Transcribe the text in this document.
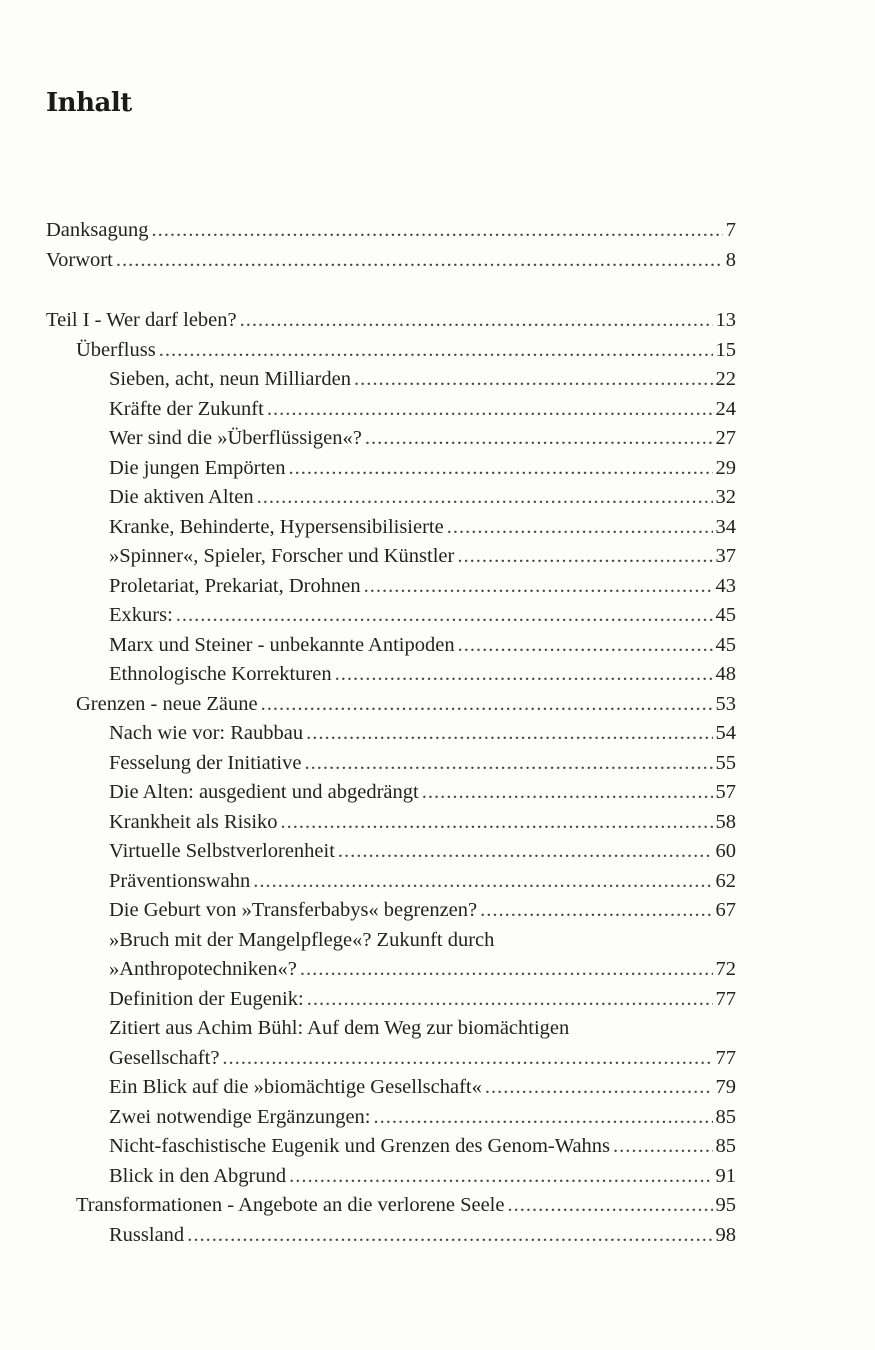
Inhalt
Danksagung .....	7
Vorwort .....	8
Teil I - Wer darf leben? .....	13
Überfluss .....	15
Sieben, acht, neun Milliarden .....	22
Kräfte der Zukunft .....	24
Wer sind die »Überflüssigen«? .....	27
Die jungen Empörten .....	29
Die aktiven Alten .....	32
Kranke, Behinderte, Hypersensibilisierte .....	34
»Spinner«, Spieler, Forscher und Künstler .....	37
Proletariat, Prekariat, Drohnen .....	43
Exkurs: .....	45
Marx und Steiner - unbekannte Antipoden .....	45
Ethnologische Korrekturen .....	48
Grenzen - neue Zäune .....	53
Nach wie vor: Raubbau .....	54
Fesselung der Initiative .....	55
Die Alten: ausgedient und abgedrängt .....	57
Krankheit als Risiko .....	58
Virtuelle Selbstverlorenheit .....	60
Präventionswahn .....	62
Die Geburt von »Transferbabys« begrenzen? .....	67
»Bruch mit der Mangelpflege«? Zukunft durch
»Anthropotechniken«? .....	72
Definition der Eugenik: .....	77
Zitiert aus Achim Bühl: Auf dem Weg zur biomächtigen
Gesellschaft? .....	77
Ein Blick auf die »biomächtige Gesellschaft« .....	79
Zwei notwendige Ergänzungen: .....	85
Nicht-faschistische Eugenik und Grenzen des Genom-Wahns .....	85
Blick in den Abgrund .....	91
Transformationen - Angebote an die verlorene Seele .....	95
Russland .....	98
